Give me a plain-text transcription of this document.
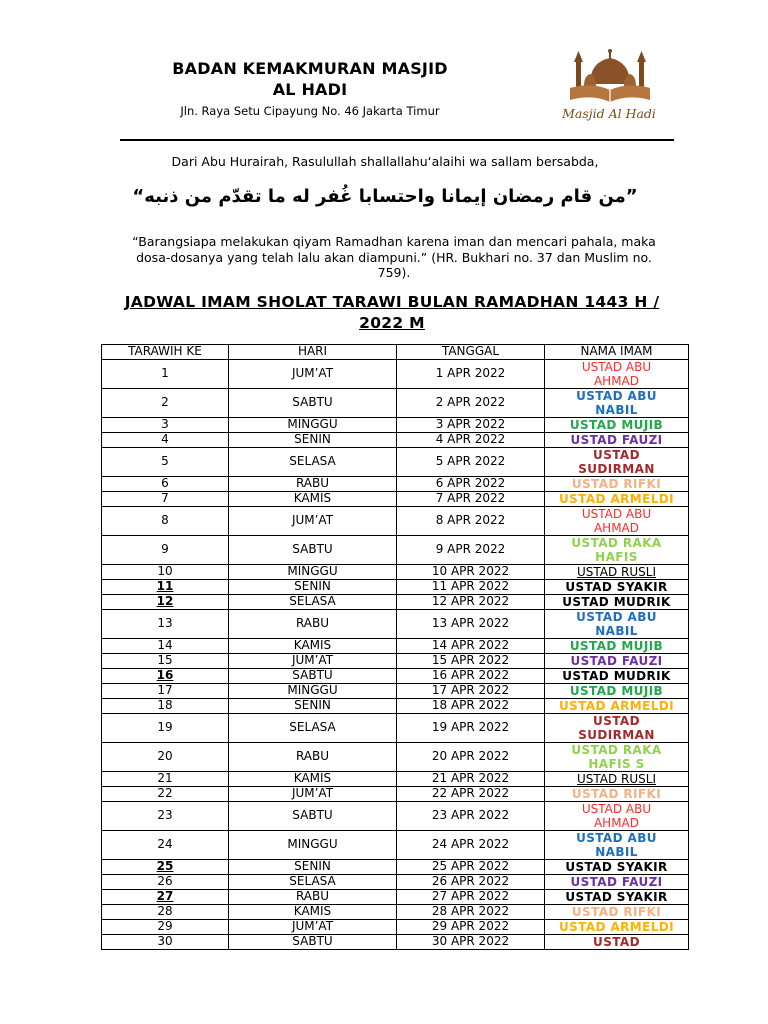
BADAN KEMAKMURAN MASJID
AL HADI
Jln. Raya Setu Cipayung No. 46 Jakarta Timur	Masjid Al Hadi
Dari Abu Hurairah, Rasulullah shallallahu‘alaihi wa sallam bersabda,
”من قام رمضان إيمانا واحتسابا غُفر له ما تقدّم من ذنبه“
“Barangsiapa melakukan qiyam Ramadhan karena iman dan mencari pahala, maka dosa-dosanya yang telah lalu akan diampuni.” (HR. Bukhari no. 37 dan Muslim no. 759).
JADWAL IMAM SHOLAT TARAWI BULAN RAMADHAN 1443 H / 2022 M
TARAWIH KE	HARI	TANGGAL	NAMA IMAM
1	JUM’AT	1 APR 2022	USTAD ABU AHMAD
2	SABTU	2 APR 2022	USTAD ABU NABIL
3	MINGGU	3 APR 2022	USTAD MUJIB
4	SENIN	4 APR 2022	USTAD FAUZI
5	SELASA	5 APR 2022	USTAD SUDIRMAN
6	RABU	6 APR 2022	USTAD RIFKI
7	KAMIS	7 APR 2022	USTAD ARMELDI
8	JUM’AT	8 APR 2022	USTAD ABU AHMAD
9	SABTU	9 APR 2022	USTAD RAKA HAFIS
10	MINGGU	10 APR 2022	USTAD RUSLI
11	SENIN	11 APR 2022	USTAD SYAKIR
12	SELASA	12 APR 2022	USTAD MUDRIK
13	RABU	13 APR 2022	USTAD ABU NABIL
14	KAMIS	14 APR 2022	USTAD MUJIB
15	JUM’AT	15 APR 2022	USTAD FAUZI
16	SABTU	16 APR 2022	USTAD MUDRIK
17	MINGGU	17 APR 2022	USTAD MUJIB
18	SENIN	18 APR 2022	USTAD ARMELDI
19	SELASA	19 APR 2022	USTAD SUDIRMAN
20	RABU	20 APR 2022	USTAD RAKA HAFIS S
21	KAMIS	21 APR 2022	USTAD RUSLI
22	JUM’AT	22 APR 2022	USTAD RIFKI
23	SABTU	23 APR 2022	USTAD ABU AHMAD
24	MINGGU	24 APR 2022	USTAD ABU NABIL
25	SENIN	25 APR 2022	USTAD SYAKIR
26	SELASA	26 APR 2022	USTAD FAUZI
27	RABU	27 APR 2022	USTAD SYAKIR
28	KAMIS	28 APR 2022	USTAD RIFKI
29	JUM’AT	29 APR 2022	USTAD ARMELDI
30	SABTU	30 APR 2022	USTAD
